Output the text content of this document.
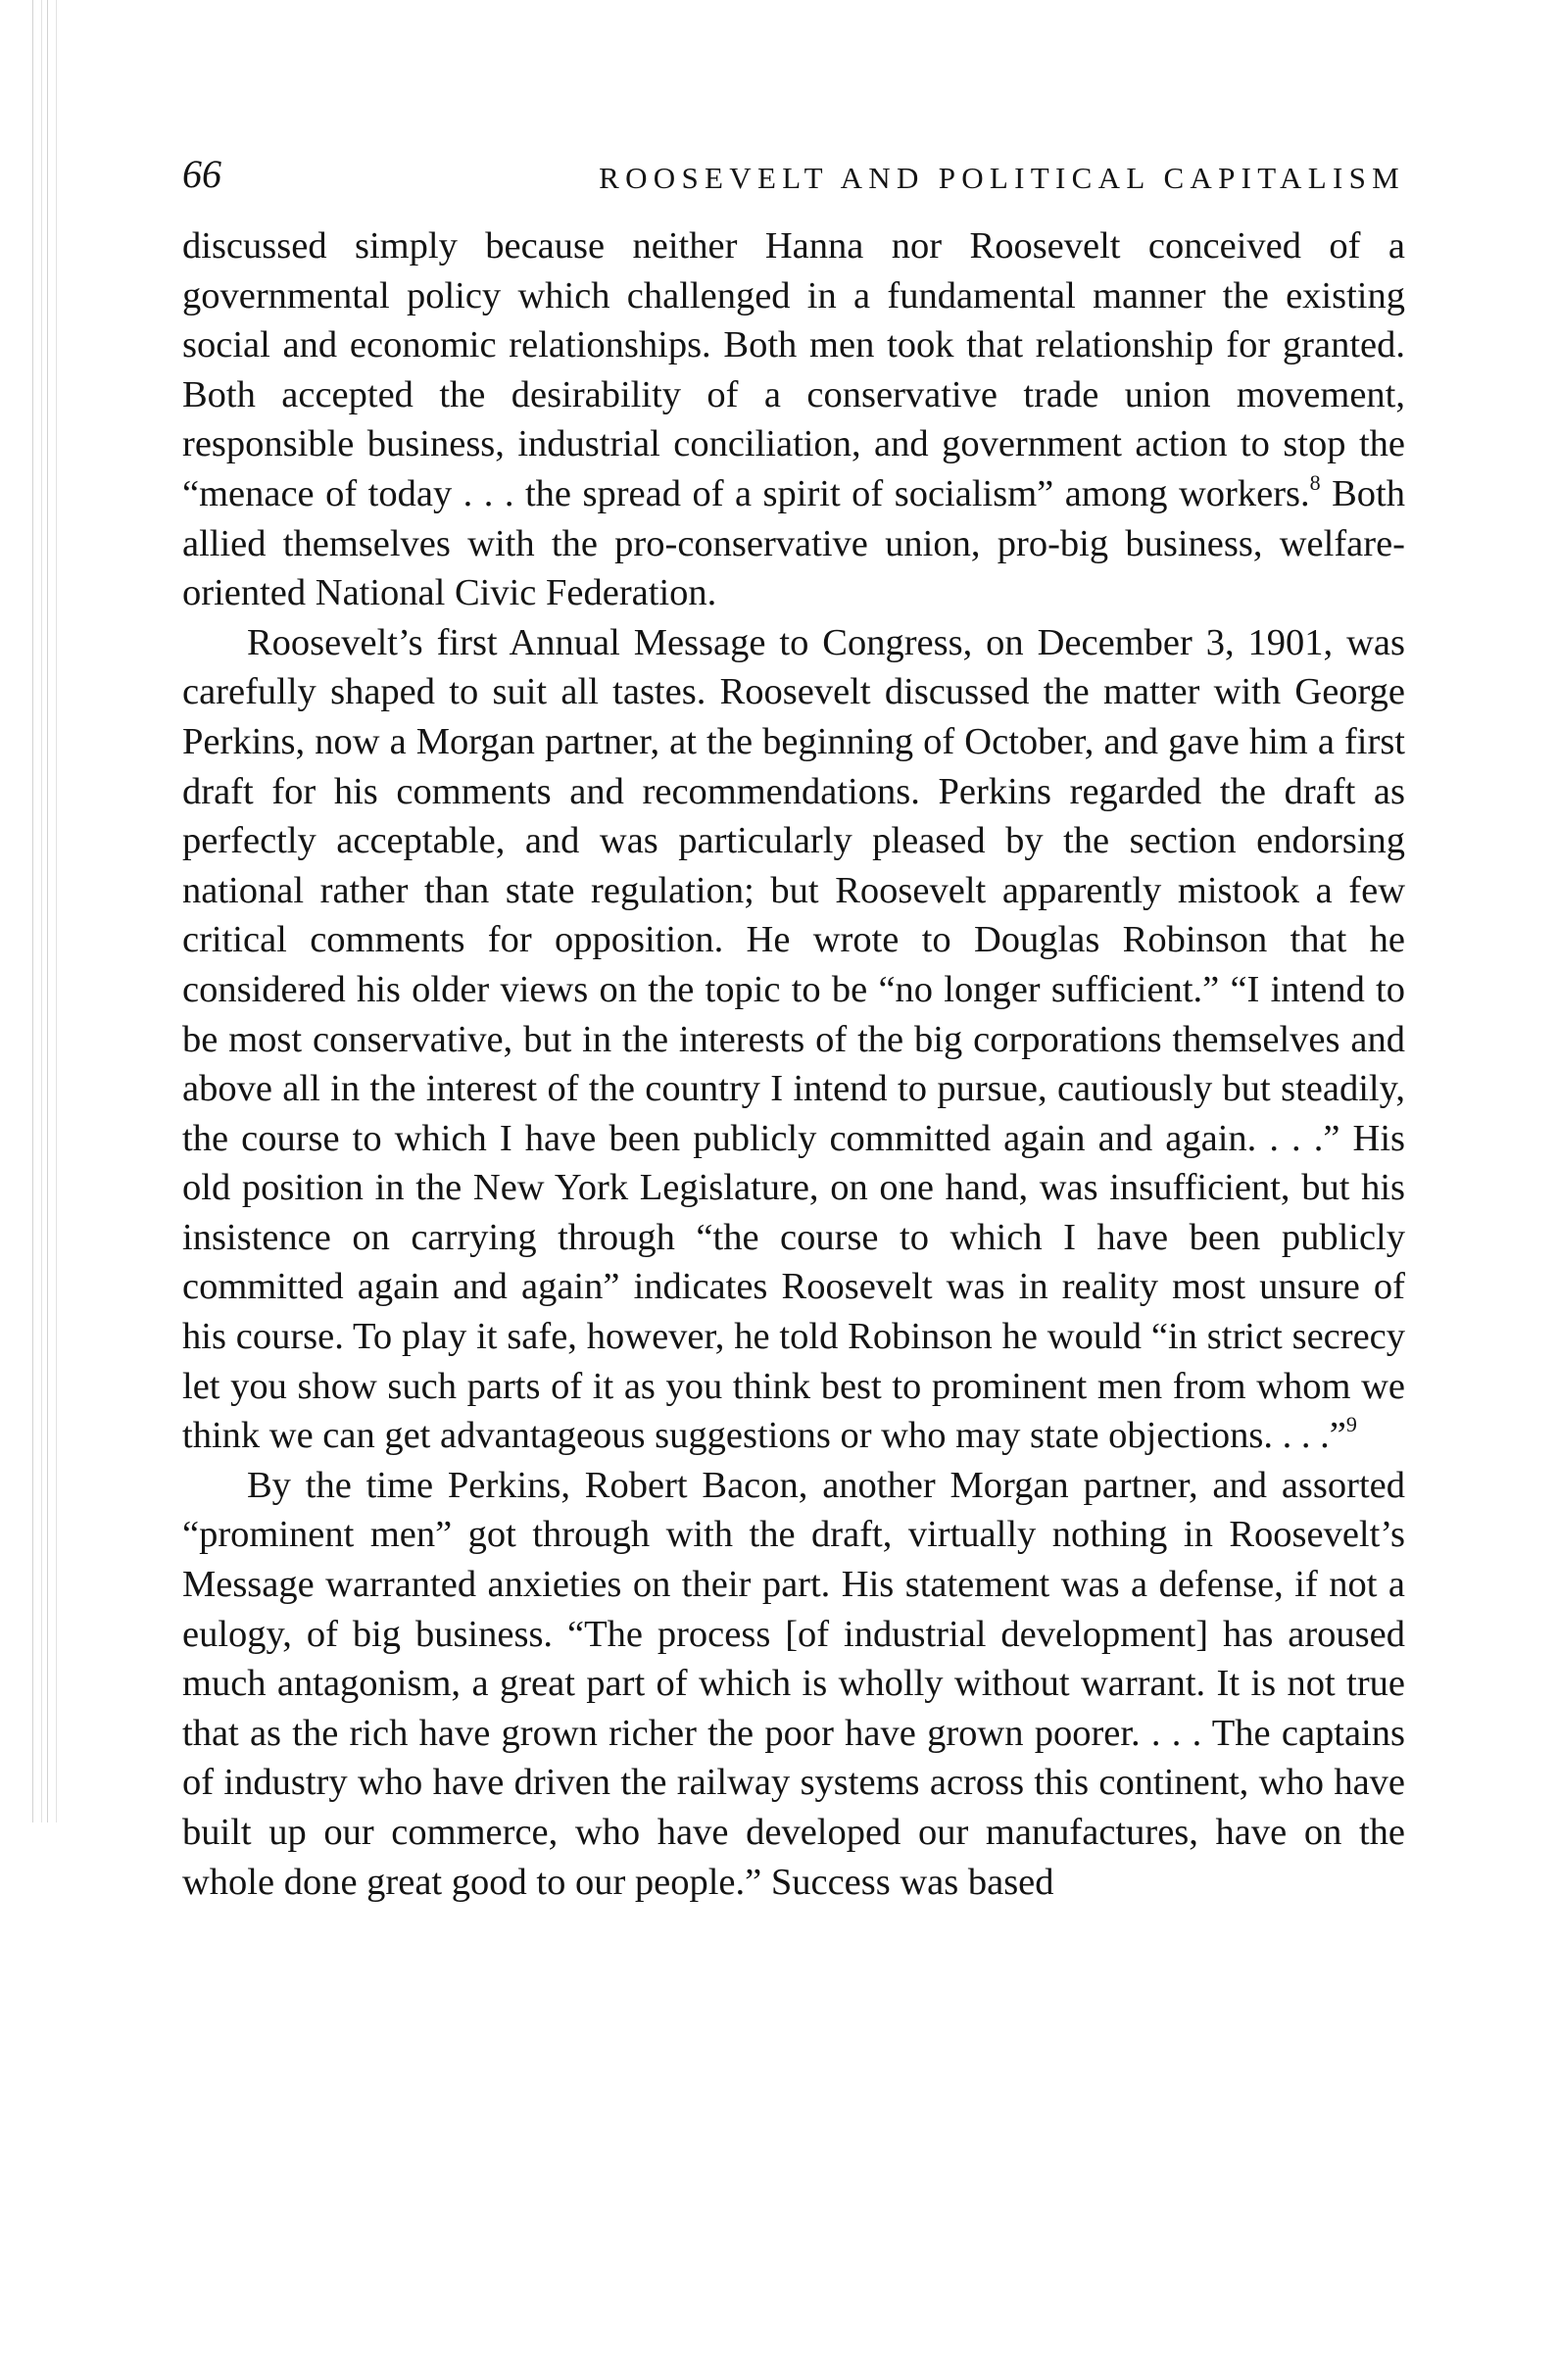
66	ROOSEVELT AND POLITICAL CAPITALISM

discussed simply because neither Hanna nor Roosevelt conceived of a governmental policy which challenged in a fundamental manner the existing social and economic relationships. Both men took that relationship for granted. Both accepted the desirability of a conservative trade union movement, responsible business, industrial conciliation, and government action to stop the “menace of today . . . the spread of a spirit of socialism” among workers.$^8$ Both allied themselves with the pro-conservative union, pro-big business, welfare-oriented National Civic Federation.

Roosevelt’s first Annual Message to Congress, on December 3, 1901, was carefully shaped to suit all tastes. Roosevelt discussed the matter with George Perkins, now a Morgan partner, at the beginning of October, and gave him a first draft for his comments and recommendations. Perkins regarded the draft as perfectly acceptable, and was particularly pleased by the section endorsing national rather than state regulation; but Roosevelt apparently mistook a few critical comments for opposition. He wrote to Douglas Robinson that he considered his older views on the topic to be “no longer sufficient.” “I intend to be most conservative, but in the interests of the big corporations themselves and above all in the interest of the country I intend to pursue, cautiously but steadily, the course to which I have been publicly committed again and again. . . .” His old position in the New York Legislature, on one hand, was insufficient, but his insistence on carrying through “the course to which I have been publicly committed again and again” indicates Roosevelt was in reality most unsure of his course. To play it safe, however, he told Robinson he would “in strict secrecy let you show such parts of it as you think best to prominent men from whom we think we can get advantageous suggestions or who may state objections. . . .”$^9$

By the time Perkins, Robert Bacon, another Morgan partner, and assorted “prominent men” got through with the draft, virtually nothing in Roosevelt’s Message warranted anxieties on their part. His statement was a defense, if not a eulogy, of big business. “The process [of industrial development] has aroused much antagonism, a great part of which is wholly without warrant. It is not true that as the rich have grown richer the poor have grown poorer. . . . The captains of industry who have driven the railway systems across this continent, who have built up our commerce, who have developed our manufactures, have on the whole done great good to our people.” Success was based
